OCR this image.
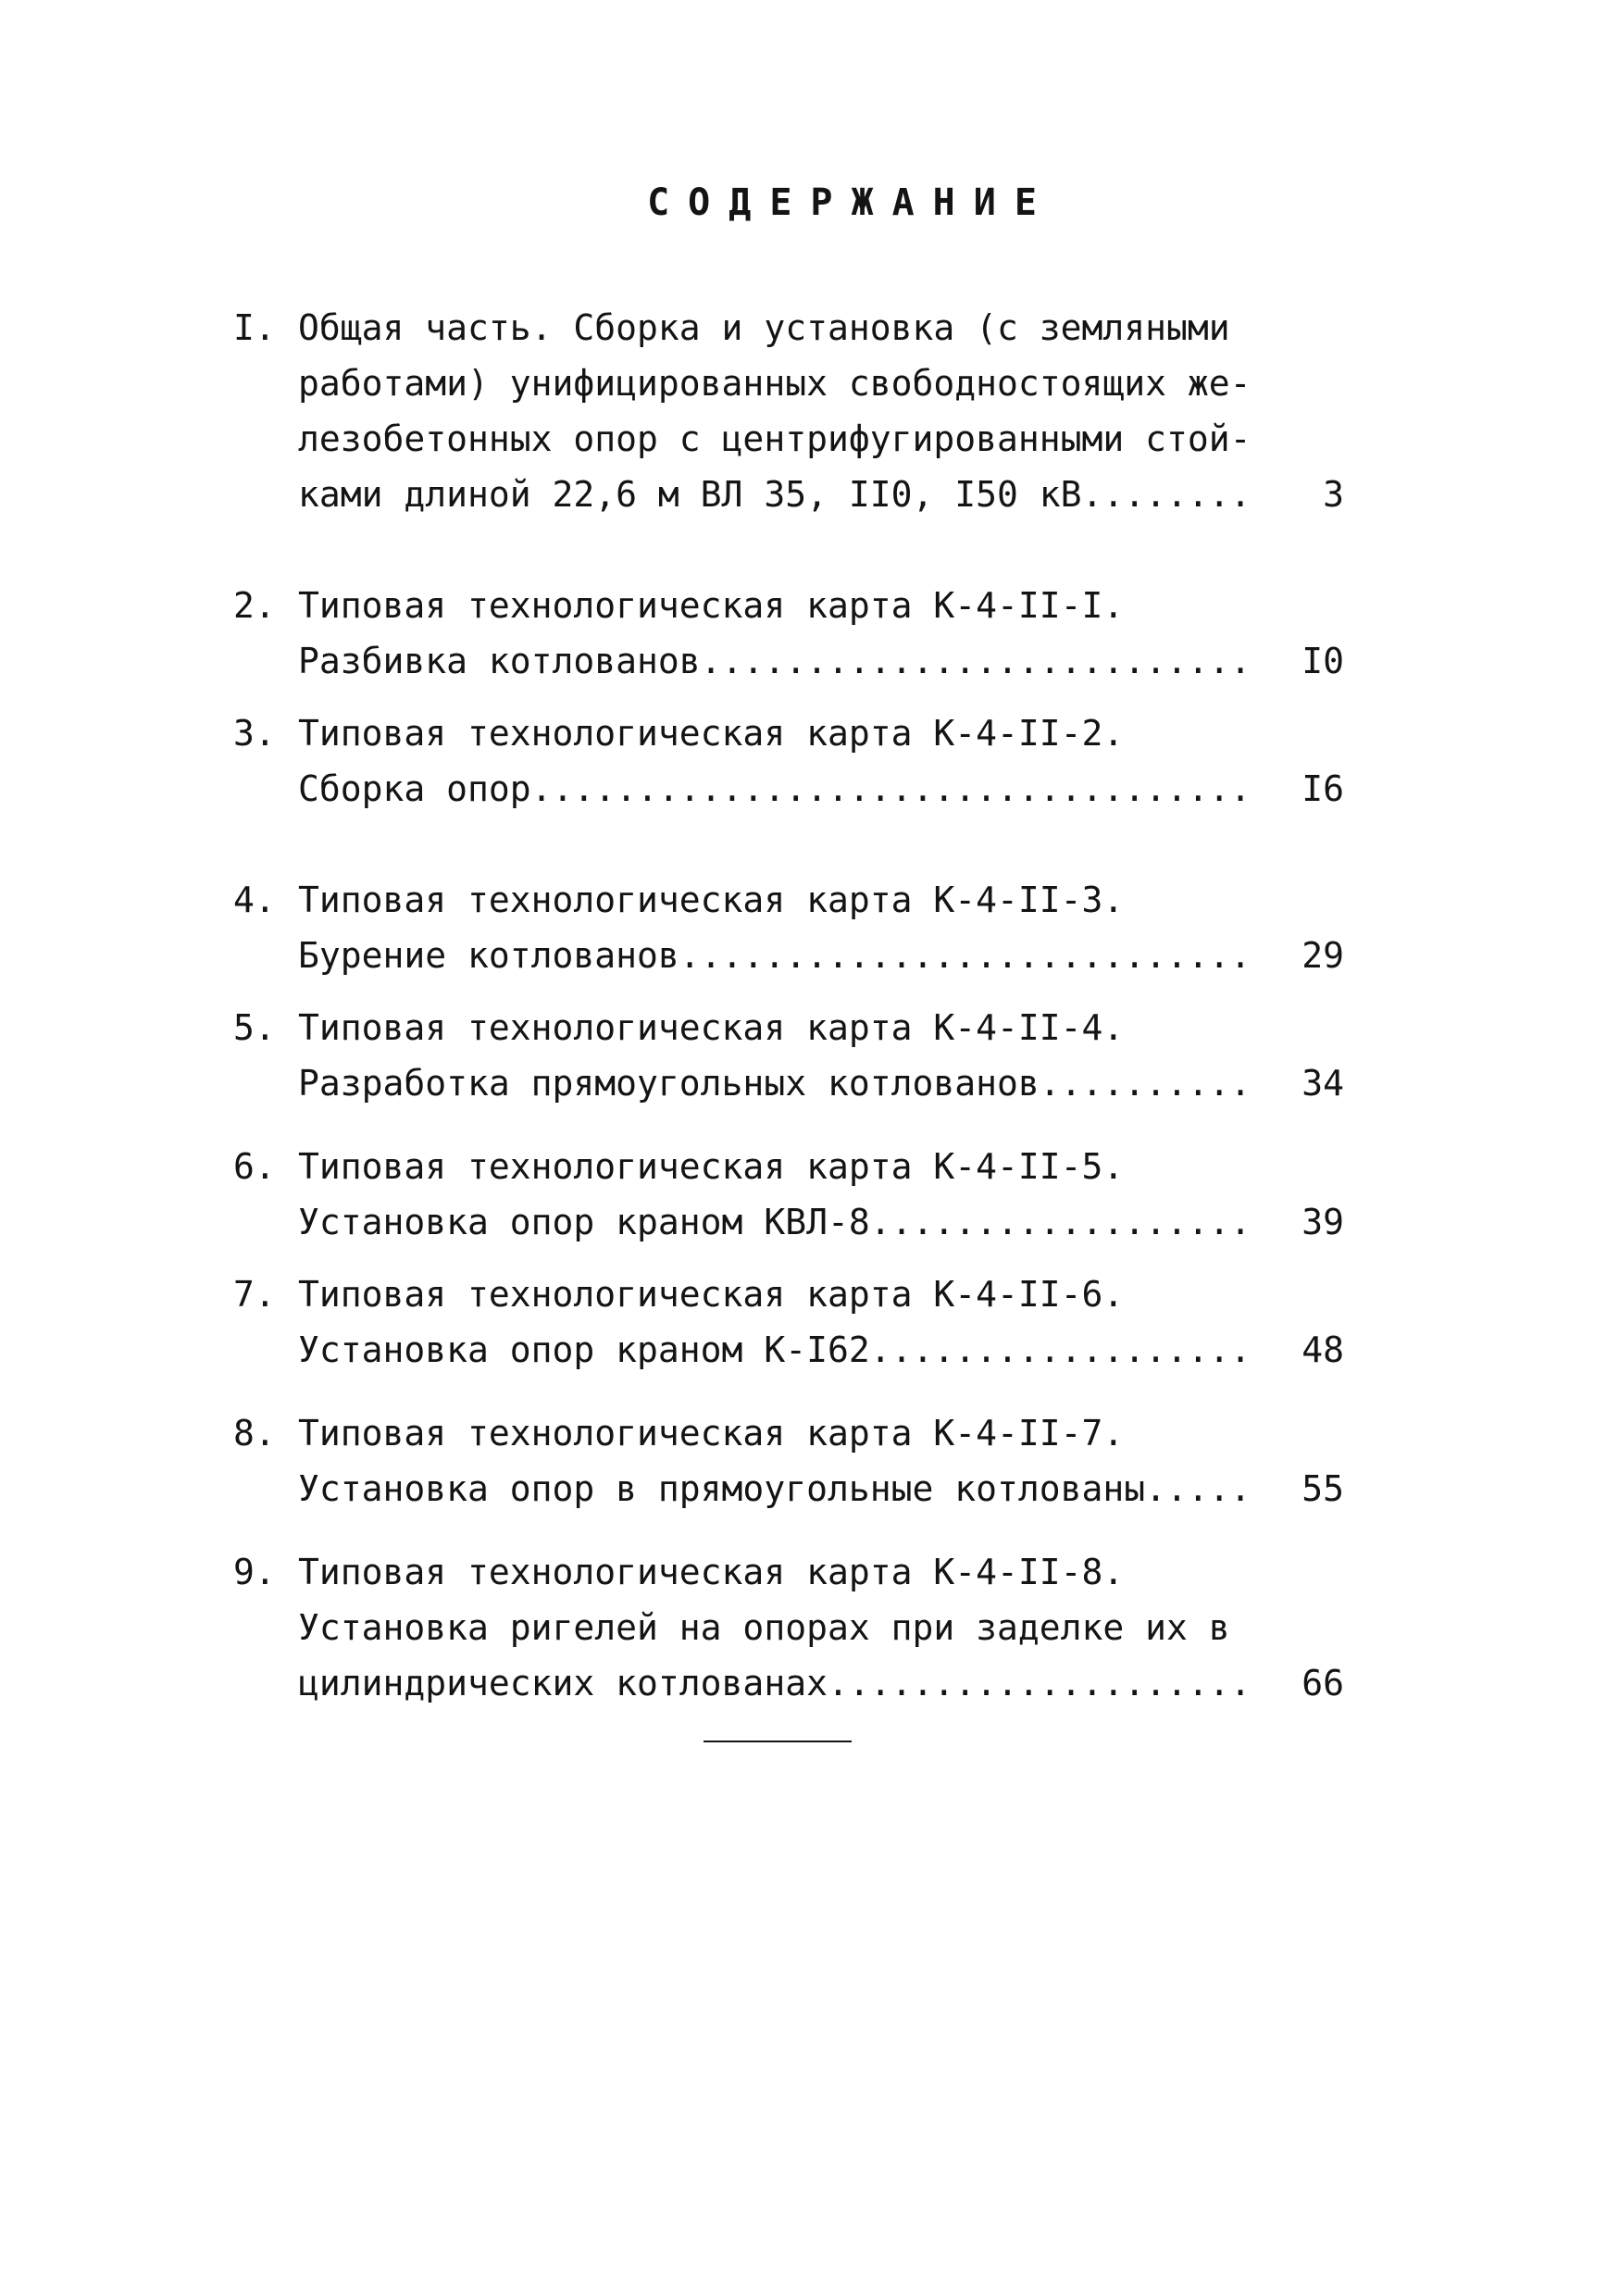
СОДЕРЖАНИЕ
I. Общая часть. Сборка и установка (с земляными
работами) унифицированных свободностоящих же-
лезобетонных опор с центрифугированными стой-
ками длиной 22,6 м ВЛ 35, II0, I50 кВ........	3
2. Типовая технологическая карта К-4-II-I.
Разбивка котлованов..........................	I0
3. Типовая технологическая карта К-4-II-2.
Сборка опор..................................	I6
4. Типовая технологическая карта К-4-II-3.
Бурение котлованов...........................	29
5. Типовая технологическая карта К-4-II-4.
Разработка прямоугольных котлованов..........	34
6. Типовая технологическая карта К-4-II-5.
Установка опор краном КВЛ-8..................	39
7. Типовая технологическая карта К-4-II-6.
Установка опор краном К-I62..................	48
8. Типовая технологическая карта К-4-II-7.
Установка опор в прямоугольные котлованы.....	55
9. Типовая технологическая карта К-4-II-8.
Установка ригелей на опорах при заделке их в
цилиндрических котлованах....................	66
